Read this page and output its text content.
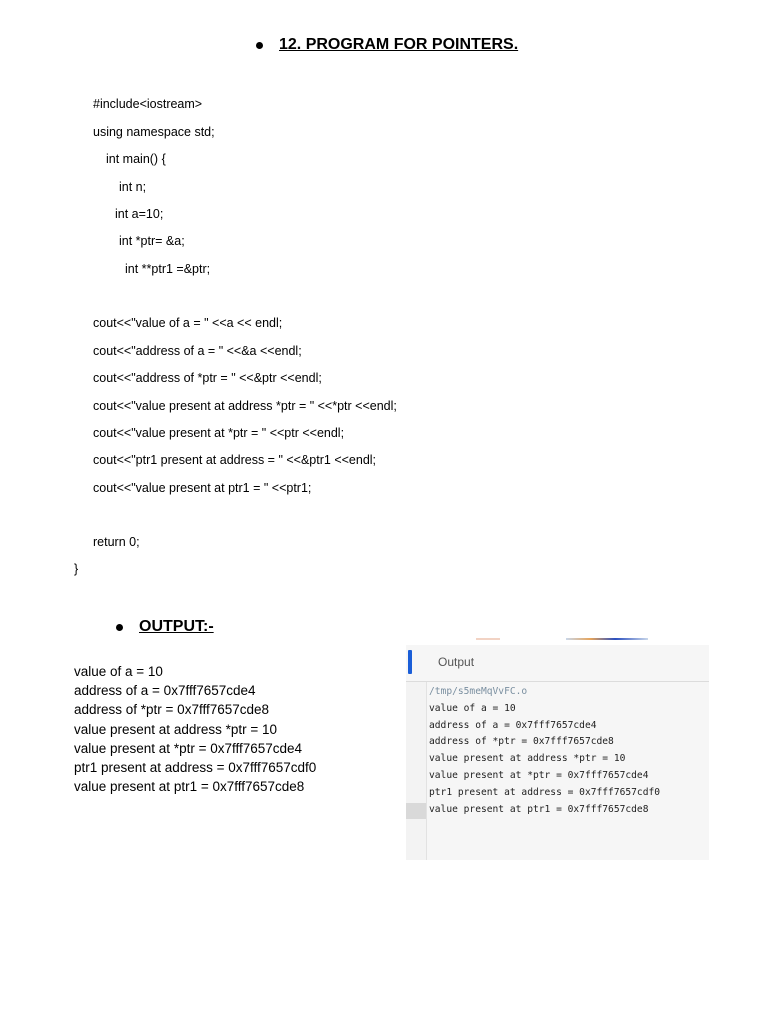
12. PROGRAM FOR POINTERS.
#include<iostream>
using namespace std;
int main() {
int n;
int a=10;
int *ptr= &a;
int **ptr1 =&ptr;
cout<<"value of a = " <<a << endl;
cout<<"address of a = " <<&a <<endl;
cout<<"address of *ptr = " <<&ptr <<endl;
cout<<"value present at address *ptr = " <<*ptr <<endl;
cout<<"value present at *ptr = " <<ptr <<endl;
cout<<"ptr1 present at address = " <<&ptr1 <<endl;
cout<<"value present at ptr1 = " <<ptr1;
return 0;
}
OUTPUT:-
value of a = 10
address of a = 0x7fff7657cde4
address of *ptr = 0x7fff7657cde8
value present at address *ptr = 10
value present at *ptr = 0x7fff7657cde4
ptr1 present at address = 0x7fff7657cdf0
value present at ptr1 = 0x7fff7657cde8
Output
/tmp/s5meMqVvFC.o
value of a = 10
address of a = 0x7fff7657cde4
address of *ptr = 0x7fff7657cde8
value present at address *ptr = 10
value present at *ptr = 0x7fff7657cde4
ptr1 present at address = 0x7fff7657cdf0
value present at ptr1 = 0x7fff7657cde8
